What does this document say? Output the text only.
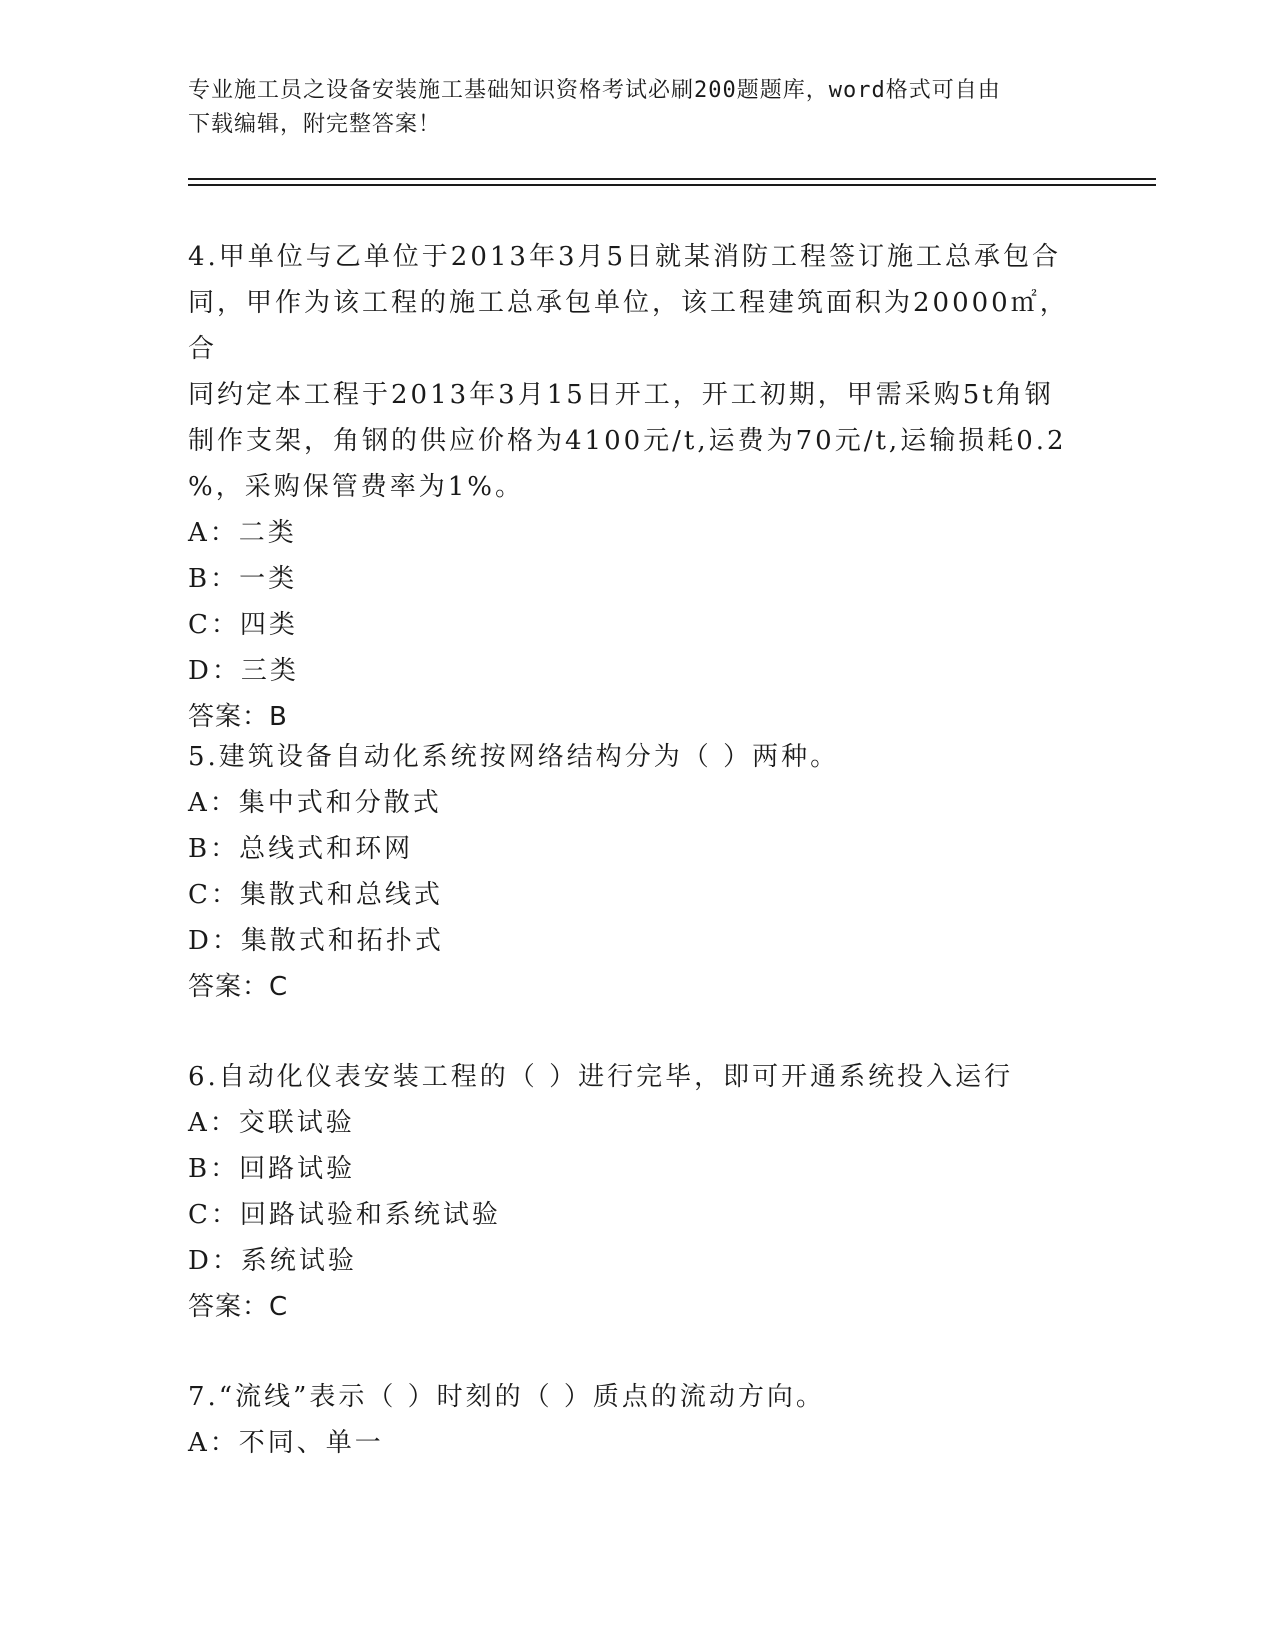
专业施工员之设备安装施工基础知识资格考试必刷200题题库，word格式可自由
下载编辑，附完整答案！
4.甲单位与乙单位于2013年3月5日就某消防工程签订施工总承包合
同，甲作为该工程的施工总承包单位，该工程建筑面积为20000㎡，合
同约定本工程于2013年3月15日开工，开工初期，甲需采购5t角钢
制作支架，角钢的供应价格为4100元/t,运费为70元/t,运输损耗0.2
%，采购保管费率为1%。
A：二类
B：一类
C：四类
D：三类
答案：B
5.建筑设备自动化系统按网络结构分为（ ）两种。
A：集中式和分散式
B：总线式和环网
C：集散式和总线式
D：集散式和拓扑式
答案：C
6.自动化仪表安装工程的（ ）进行完毕，即可开通系统投入运行
A：交联试验
B：回路试验
C：回路试验和系统试验
D：系统试验
答案：C
7.“流线”表示（ ）时刻的（ ）质点的流动方向。
A：不同、单一
